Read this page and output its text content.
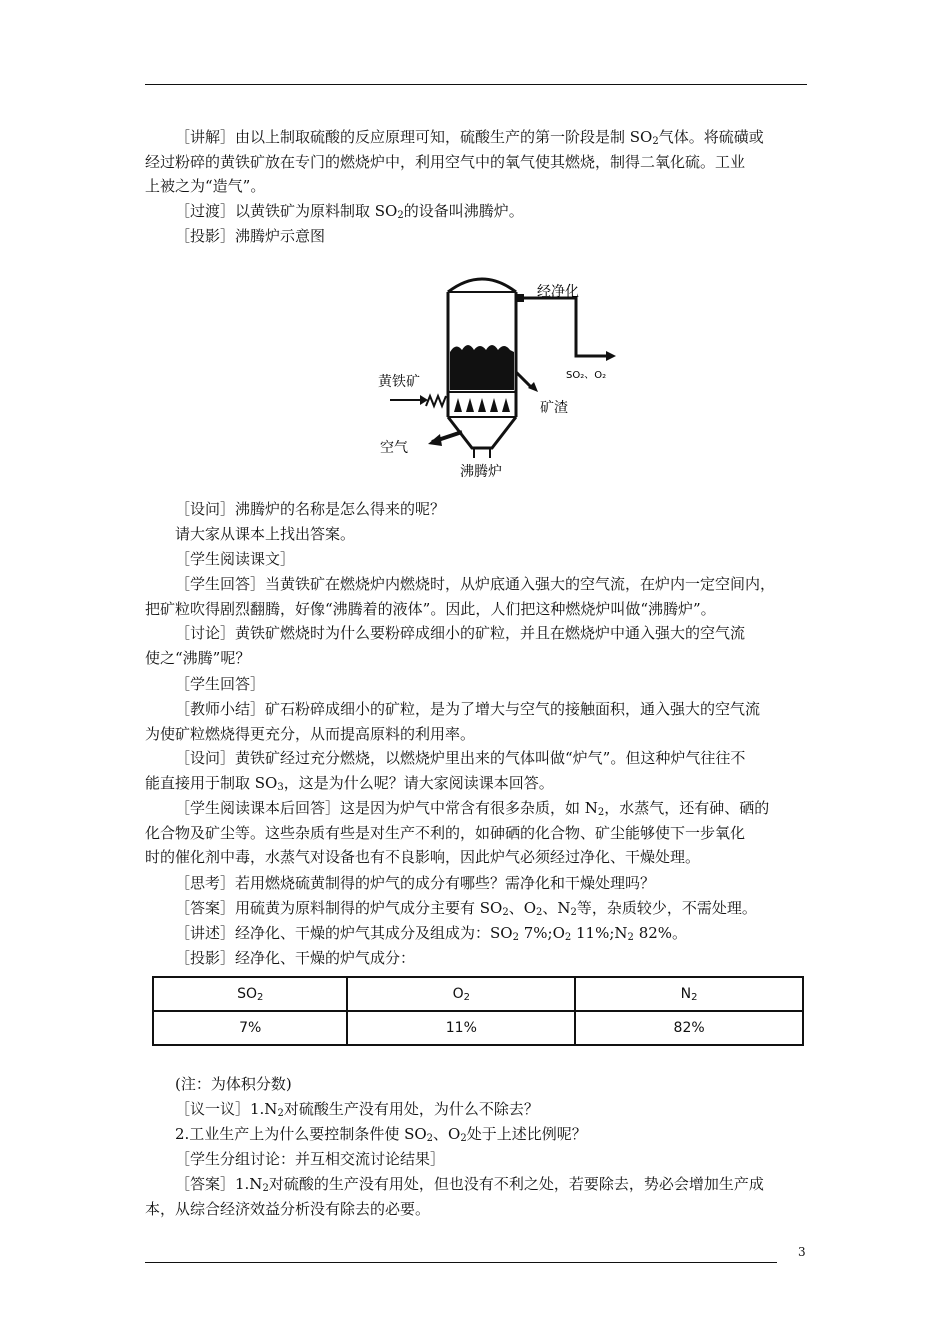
［讲解］由以上制取硫酸的反应原理可知，硫酸生产的第一阶段是制 $SO_2$气体。将硫磺或
经过粉碎的黄铁矿放在专门的燃烧炉中，利用空气中的氧气使其燃烧，制得二氧化硫。工业
上被之为“造气”。
［过渡］以黄铁矿为原料制取 $SO_2$的设备叫沸腾炉。
［投影］沸腾炉示意图
经净化
SO₂、O₂
黄铁矿
矿渣
空气
沸腾炉
［设问］沸腾炉的名称是怎么得来的呢？
请大家从课本上找出答案。
［学生阅读课文］
［学生回答］当黄铁矿在燃烧炉内燃烧时，从炉底通入强大的空气流，在炉内一定空间内，
把矿粒吹得剧烈翻腾，好像“沸腾着的液体”。因此，人们把这种燃烧炉叫做“沸腾炉”。
［讨论］黄铁矿燃烧时为什么要粉碎成细小的矿粒，并且在燃烧炉中通入强大的空气流
使之“沸腾”呢？
［学生回答］
［教师小结］矿石粉碎成细小的矿粒，是为了增大与空气的接触面积，通入强大的空气流
为使矿粒燃烧得更充分，从而提高原料的利用率。
［设问］黄铁矿经过充分燃烧，以燃烧炉里出来的气体叫做“炉气”。但这种炉气往往不
能直接用于制取 $SO_3$，这是为什么呢？请大家阅读课本回答。
［学生阅读课本后回答］这是因为炉气中常含有很多杂质，如 $N_2$，水蒸气，还有砷、硒的
化合物及矿尘等。这些杂质有些是对生产不利的，如砷硒的化合物、矿尘能够使下一步氧化
时的催化剂中毒，水蒸气对设备也有不良影响，因此炉气必须经过净化、干燥处理。
［思考］若用燃烧硫黄制得的炉气的成分有哪些？需净化和干燥处理吗？
［答案］用硫黄为原料制得的炉气成分主要有 $SO_2$、$O_2$、$N_2$等，杂质较少，不需处理。
［讲述］经净化、干燥的炉气其成分及组成为：$SO_2$ $7\%;O_2$ $11\%;N_2$ 82%。
［投影］经净化、干燥的炉气成分：
$SO_2$	$O_2$	$N_2$
7%	11%	82%
(注：为体积分数)
［议一议$]1.N_2$对硫酸生产没有用处，为什么不除去？
2.工业生产上为什么要控制条件使 $SO_2$、$O_2$处于上述比例呢？
［学生分组讨论：并互相交流讨论结果］
［答案$]1.N_2$对硫酸的生产没有用处，但也没有不利之处，若要除去，势必会增加生产成
本，从综合经济效益分析没有除去的必要。
3
